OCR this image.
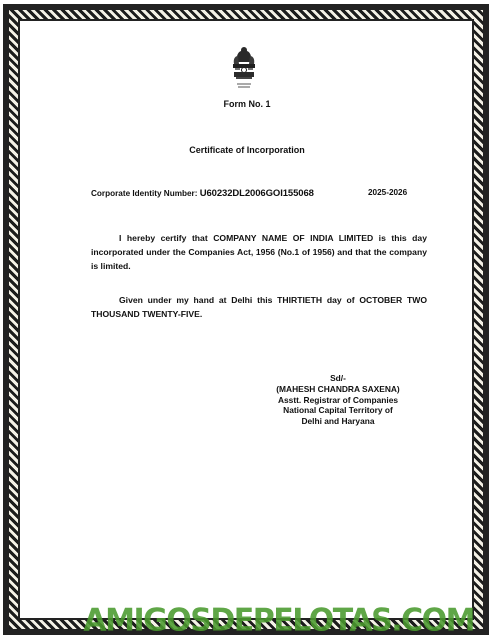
Form No. 1
Certificate of Incorporation
Corporate Identity Number: U60232DL2006GOI155068	2025-2026
I hereby certify that COMPANY NAME OF INDIA LIMITED is this day incorporated under the Companies Act, 1956 (No.1 of 1956) and that the company is limited.
Given under my hand at Delhi this THIRTIETH day of OCTOBER TWO THOUSAND TWENTY-FIVE.
Sd/-
(MAHESH CHANDRA SAXENA)
Asstt. Registrar of Companies
National Capital Territory of
Delhi and Haryana
AMIGOSDEPELOTAS.COM
